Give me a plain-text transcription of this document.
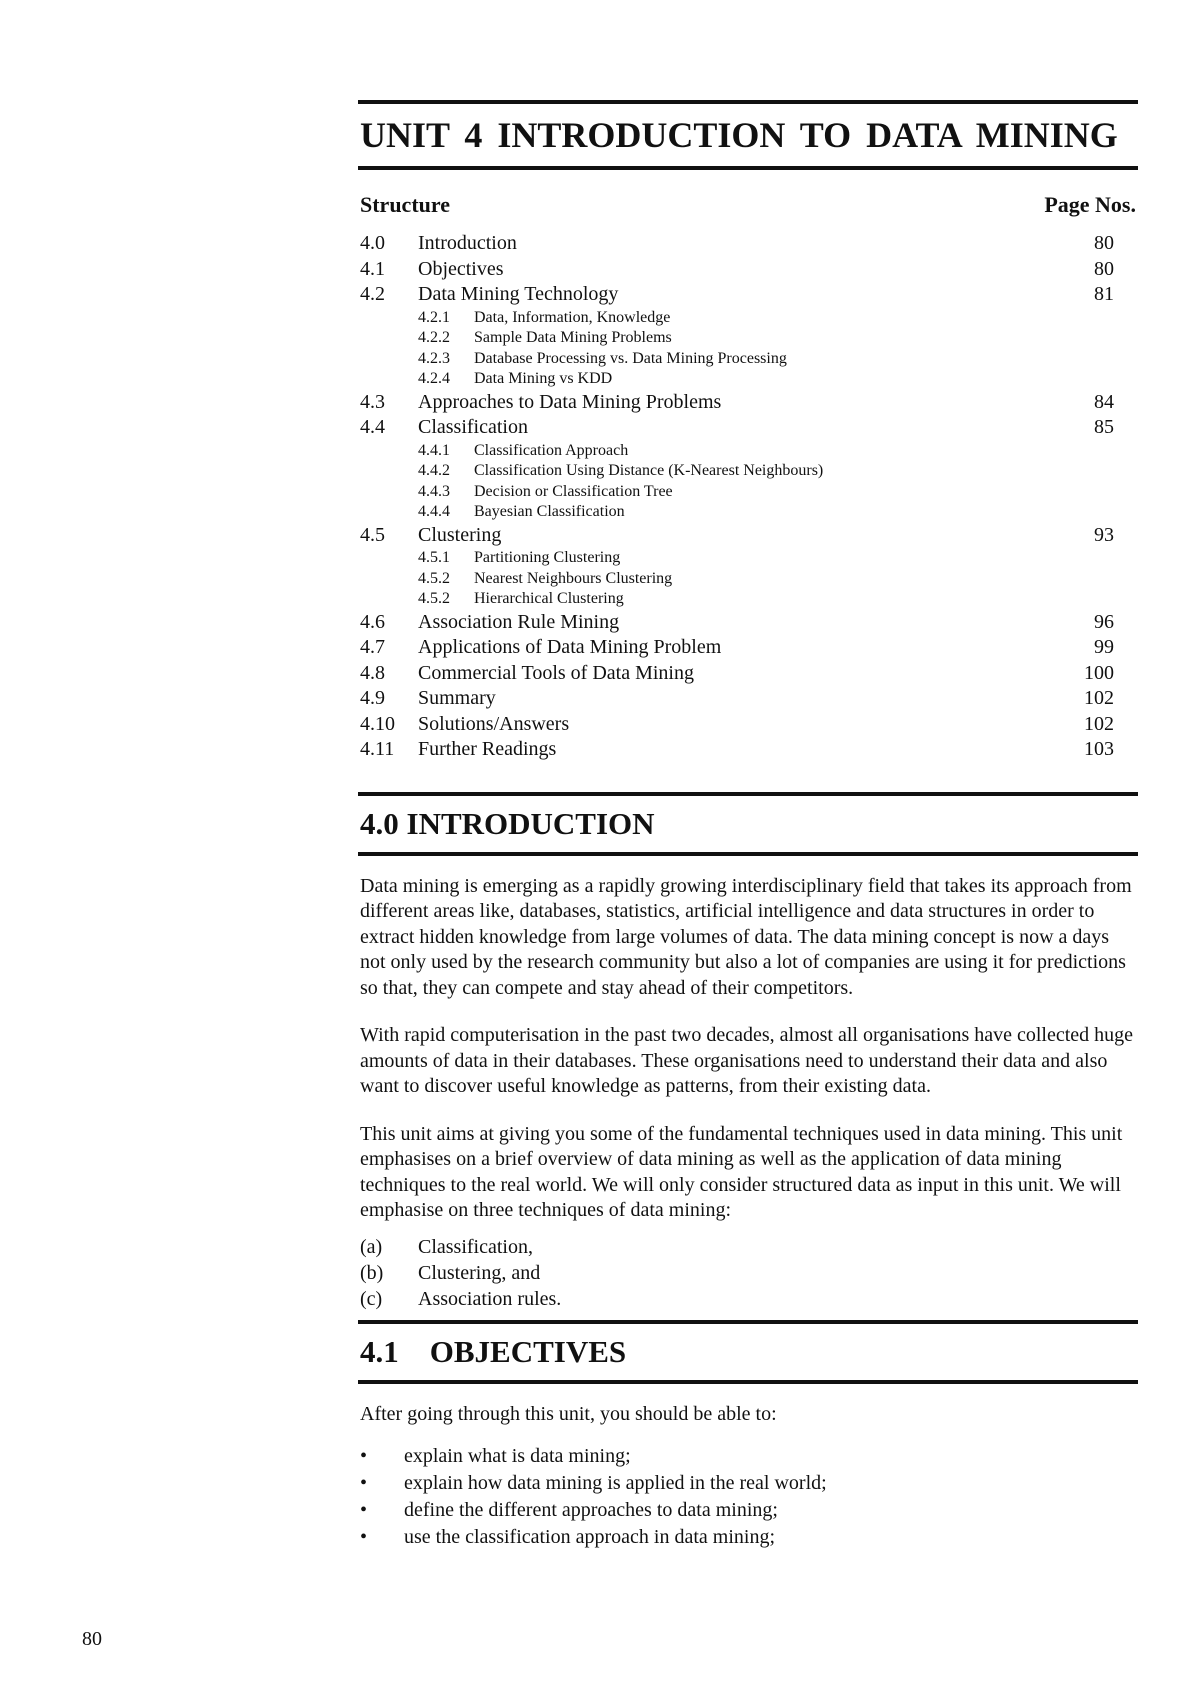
UNIT 4 INTRODUCTION TO DATA MINING
Structure	Page Nos.
4.0	Introduction	80
4.1	Objectives	80
4.2	Data Mining Technology	81
4.2.1	Data, Information, Knowledge
4.2.2	Sample Data Mining Problems
4.2.3	Database Processing vs. Data Mining Processing
4.2.4	Data Mining vs KDD
4.3	Approaches to Data Mining Problems	84
4.4	Classification	85
4.4.1	Classification Approach
4.4.2	Classification Using Distance (K-Nearest Neighbours)
4.4.3	Decision or Classification Tree
4.4.4	Bayesian Classification
4.5	Clustering	93
4.5.1	Partitioning Clustering
4.5.2	Nearest Neighbours Clustering
4.5.2	Hierarchical Clustering
4.6	Association Rule Mining	96
4.7	Applications of Data Mining Problem	99
4.8	Commercial Tools of Data Mining	100
4.9	Summary	102
4.10	Solutions/Answers	102
4.11	Further Readings	103
4.0 INTRODUCTION
Data mining is emerging as a rapidly growing interdisciplinary field that takes its approach from different areas like, databases, statistics, artificial intelligence and data structures in order to extract hidden knowledge from large volumes of data. The data mining concept is now a days not only used by the research community but also a lot of companies are using it for predictions so that, they can compete and stay ahead of their competitors.
With rapid computerisation in the past two decades, almost all organisations have collected huge amounts of data in their databases. These organisations need to understand their data and also want to discover useful knowledge as patterns, from their existing data.
This unit aims at giving you some of the fundamental techniques used in data mining. This unit emphasises on a brief overview of data mining as well as the application of data mining techniques to the real world. We will only consider structured data as input in this unit. We will emphasise on three techniques of data mining:
(a)	Classification,
(b)	Clustering, and
(c)	Association rules.
4.1    OBJECTIVES
After going through this unit, you should be able to:
•	explain what is data mining;
•	explain how data mining is applied in the real world;
•	define the different approaches to data mining;
•	use the classification approach in data mining;
80
